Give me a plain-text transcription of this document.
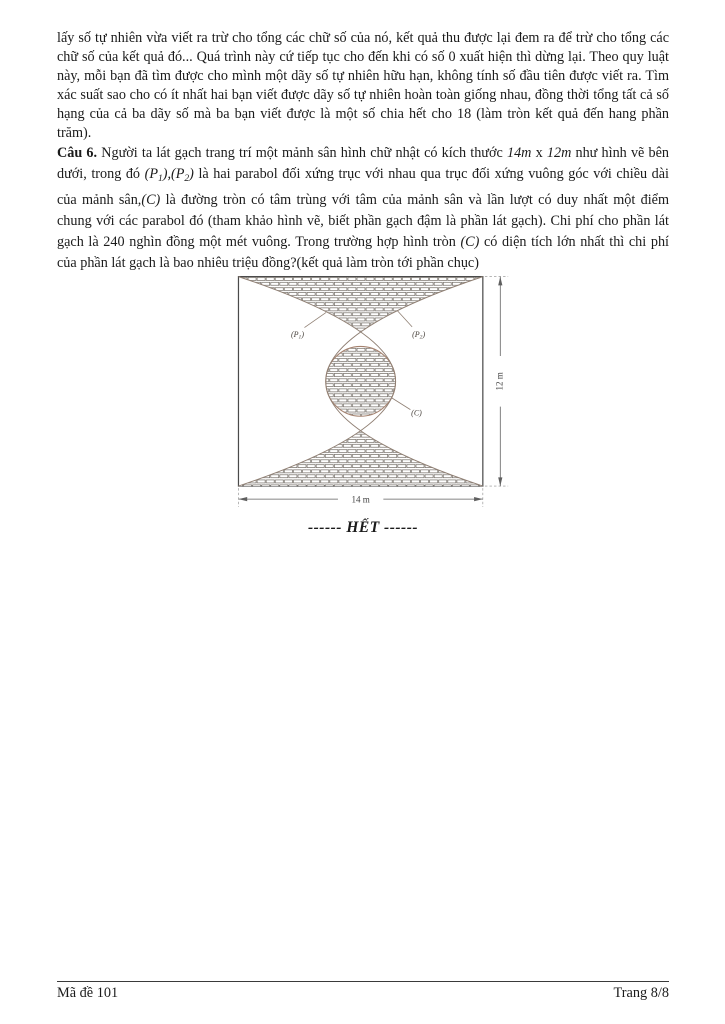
lấy số tự nhiên vừa viết ra trừ cho tổng các chữ số của nó, kết quả thu được lại đem ra để trừ cho tổng các
chữ số của kết quả đó... Quá trình này cứ tiếp tục cho đến khi có số 0 xuất hiện thì dừng lại. Theo quy luật
này, mỗi bạn đã tìm được cho mình một dãy số tự nhiên hữu hạn, không tính số đầu tiên được viết ra. Tìm
xác suất sao cho có ít nhất hai bạn viết được dãy số tự nhiên hoàn toàn giống nhau, đồng thời tổng tất cả số
hạng của cả ba dãy số mà ba bạn viết được là một số chia hết cho 18 (làm tròn kết quả đến hang phần trăm).
Câu 6. Người ta lát gạch trang trí một mảnh sân hình chữ nhật có kích thước 14m x 12m như hình vẽ bên
dưới, trong đó $(P_1),(P_2)$ là hai parabol đối xứng trục với nhau qua trục đối xứng vuông góc với chiều dài
của mảnh sân,(C) là đường tròn có tâm trùng với tâm của mảnh sân và lần lượt có duy nhất một điểm
chung với các parabol đó (tham khảo hình vẽ, biết phần gạch đậm là phần lát gạch). Chi phí cho phần lát
gạch là 240 nghìn đồng một mét vuông. Trong trường hợp hình tròn (C) có diện tích lớn nhất thì chi phí
của phần lát gạch là bao nhiêu triệu đồng?(kết quả làm tròn tới phần chục)
------ HẾT ------
Mã đề 101	Trang 8/8
